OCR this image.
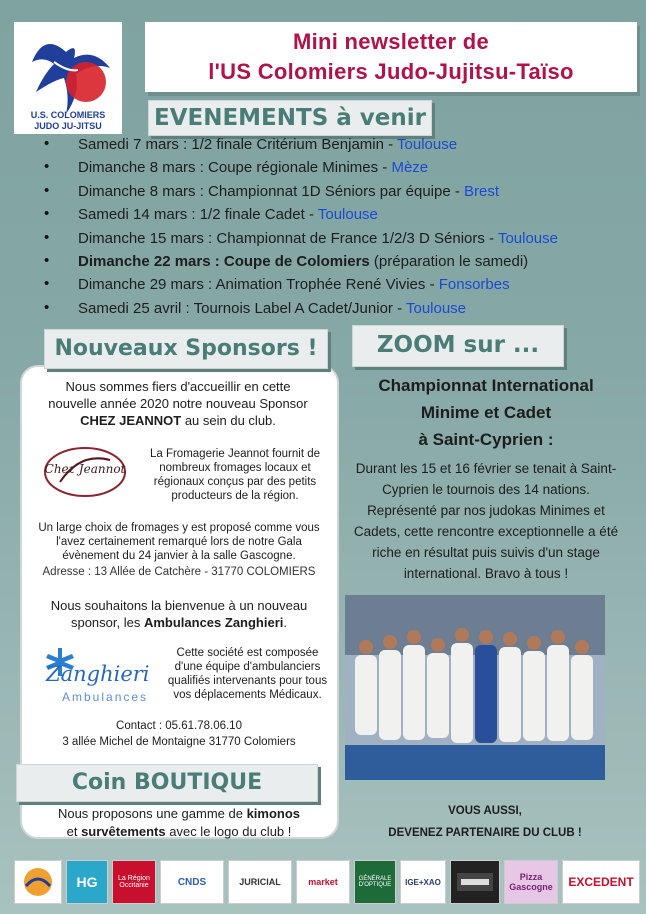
U.S. COLOMIERS
JUDO JU-JITSU
Mini newsletter de
l'US Colomiers Judo-Jujitsu-Taïso
EVENEMENTS à venir
• Samedi 7 mars : 1/2 finale Critérium Benjamin - Toulouse
• Dimanche 8 mars : Coupe régionale Minimes - Mèze
• Dimanche 8 mars : Championnat 1D Séniors par équipe - Brest
• Samedi 14 mars : 1/2 finale Cadet - Toulouse
• Dimanche 15 mars : Championnat de France 1/2/3 D Séniors - Toulouse
• Dimanche 22 mars : Coupe de Colomiers (préparation le samedi)
• Dimanche 29 mars : Animation Trophée René Vivies - Fonsorbes
• Samedi 25 avril : Tournois Label A Cadet/Junior - Toulouse
Nouveaux Sponsors !
Nous sommes fiers d'accueillir en cette nouvelle année 2020 notre nouveau Sponsor CHEZ JEANNOT au sein du club.
Chez Jeannot
La Fromagerie Jeannot fournit de nombreux fromages locaux et régionaux conçus par des petits producteurs de la région.
Un large choix de fromages y est proposé comme vous l'avez certainement remarqué lors de notre Gala évènement du 24 janvier à la salle Gascogne.
Adresse : 13 Allée de Catchère - 31770 COLOMIERS
Nous souhaitons la bienvenue à un nouveau sponsor, les Ambulances Zanghieri.
Zanghieri
Ambulances
Cette société est composée d'une équipe d'ambulanciers qualifiés intervenants pour tous vos déplacements Médicaux.
Contact : 05.61.78.06.10
3 allée Michel de Montaigne 31770 Colomiers
Coin BOUTIQUE
Nous proposons une gamme de kimonos
et survêtements avec le logo du club !
ZOOM sur ...
Championnat International
Minime et Cadet
à Saint-Cyprien :
Durant les 15 et 16 février se tenait à Saint-Cyprien le tournois des 14 nations. Représenté par nos judokas Minimes et Cadets, cette rencontre exceptionnelle a été riche en résultat puis suivis d'un stage international. Bravo à tous !
VOUS AUSSI,
DEVENEZ PARTENAIRE DU CLUB !
HG	La Région Occitanie	CNDS	JURICIAL	market	GÉNÉRALE D'OPTIQUE	IGE+XAO	Pizza Gascogne	EXCEDENT
